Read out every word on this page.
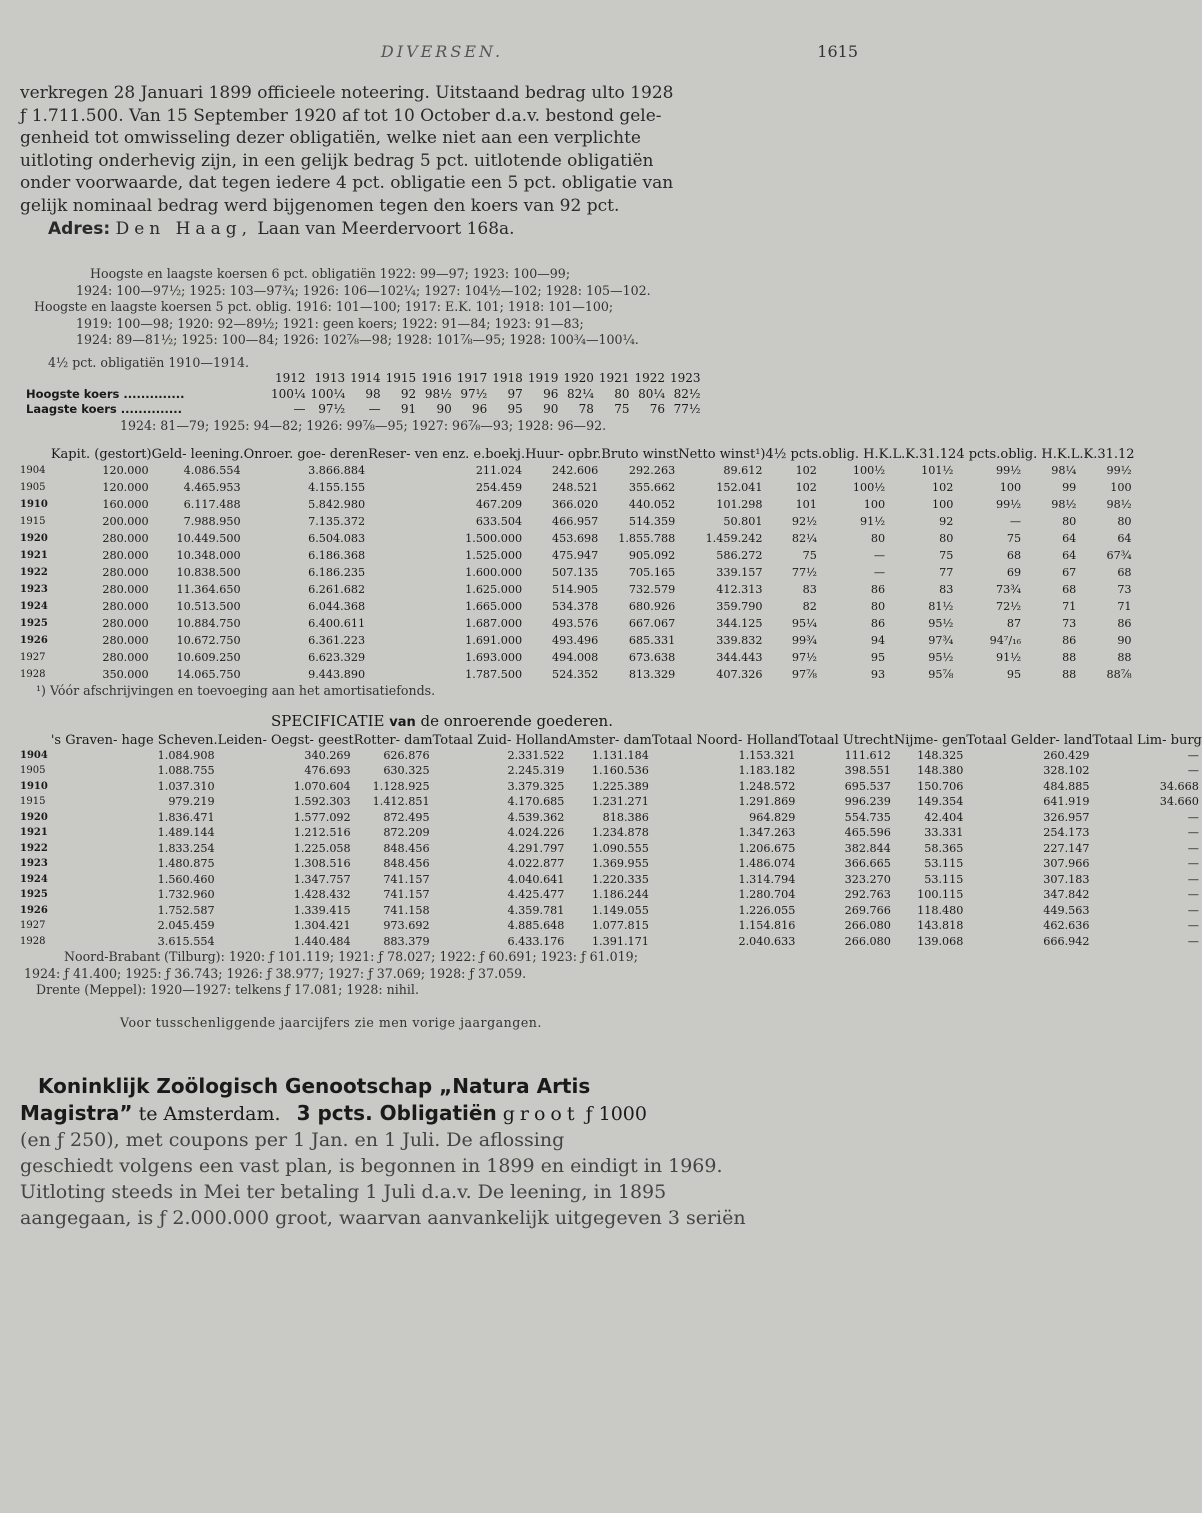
DIVERSEN.	1615

verkregen 28 Januari 1899 officieele noteering. Uitstaand bedrag ulto 1928

ƒ 1.711.500. Van 15 September 1920 af tot 10 October d.a.v. bestond gele-

genheid tot omwisseling dezer obligatiën, welke niet aan een verplichte

uitloting onderhevig zijn, in een gelijk bedrag 5 pct. uitlotende obligatiën

onder voorwaarde, dat tegen iedere 4 pct. obligatie een 5 pct. obligatie van

gelijk nominaal bedrag werd bijgenomen tegen den koers van 92 pct.

Adres: Den Haag, Laan van Meerdervoort 168a.

Hoogste en laagste koersen 6 pct. obligatiën 1922: 99—97; 1923: 100—99;
1924: 100—97½; 1925: 103—97¾; 1926: 106—102¼; 1927: 104½—102; 1928: 105—102.
Hoogste en laagste koersen 5 pct. oblig. 1916: 101—100; 1917: E.K. 101; 1918: 101—100;
1919: 100—98; 1920: 92—89½; 1921: geen koers; 1922: 91—84; 1923: 91—83;
1924: 89—81½; 1925: 100—84; 1926: 102⅞—98; 1928: 101⅞—95; 1928: 100¾—100¼.
4½ pct. obligatiën 1910—1914.
	1912	1913	1914	1915	1916	1917	1918	1919	1920	1921	1922	1923
Hoogste koers ..............	100¼	100¼	98	92	98½	97½	97	96	82¼	80	80¼	82½
Laagste koers ..............	—	97½	—	91	90	96	95	90	78	75	76	77½
1924: 81—79; 1925: 94—82; 1926: 99⅞—95; 1927: 96⅞—93; 1928: 96—92.
	Kapit. (gestort)	Geld- leening.	Onroer. goe- deren	Reser- ven enz. e.boekj.	Huur- opbr.	Bruto winst	Netto winst¹)	4½ pcts.oblig. H.K.L.K.31.12			4 pcts.oblig. H.K.L.K.31.12		
1904	120.000	4.086.554	3.866.884	211.024	242.606	292.263	89.612	102	100½	101½	99½	98¼	99½
1905	120.000	4.465.953	4.155.155	254.459	248.521	355.662	152.041	102	100½	102	100	99	100
1910	160.000	6.117.488	5.842.980	467.209	366.020	440.052	101.298	101	100	100	99½	98½	98½
1915	200.000	7.988.950	7.135.372	633.504	466.957	514.359	50.801	92½	91½	92	—	80	80
1920	280.000	10.449.500	6.504.083	1.500.000	453.698	1.855.788	1.459.242	82¼	80	80	75	64	64
1921	280.000	10.348.000	6.186.368	1.525.000	475.947	905.092	586.272	75	—	75	68	64	67¾
1922	280.000	10.838.500	6.186.235	1.600.000	507.135	705.165	339.157	77½	—	77	69	67	68
1923	280.000	11.364.650	6.261.682	1.625.000	514.905	732.579	412.313	83	86	83	73¾	68	73
1924	280.000	10.513.500	6.044.368	1.665.000	534.378	680.926	359.790	82	80	81½	72½	71	71
1925	280.000	10.884.750	6.400.611	1.687.000	493.576	667.067	344.125	95¼	86	95½	87	73	86
1926	280.000	10.672.750	6.361.223	1.691.000	493.496	685.331	339.832	99¾	94	97¾	94⁷/₁₆	86	90
1927	280.000	10.609.250	6.623.329	1.693.000	494.008	673.638	344.443	97½	95	95½	91½	88	88
1928	350.000	14.065.750	9.443.890	1.787.500	524.352	813.329	407.326	97⅞	93	95⅞	95	88	88⅞
¹) Vóór afschrijvingen en toevoeging aan het amortisatiefonds.
SPECIFICATIE van de onroerende goederen.
	's Graven- hage Scheven.	Leiden- Oegst- geest	Rotter- dam	Totaal Zuid- Holland	Amster- dam	Totaal Noord- Holland	Totaal Utrecht	Nijme- gen	Totaal Gelder- land	Totaal Lim- burg
1904	1.084.908	340.269	626.876	2.331.522	1.131.184	1.153.321	111.612	148.325	260.429	—
1905	1.088.755	476.693	630.325	2.245.319	1.160.536	1.183.182	398.551	148.380	328.102	—
1910	1.037.310	1.070.604	1.128.925	3.379.325	1.225.389	1.248.572	695.537	150.706	484.885	34.668
1915	979.219	1.592.303	1.412.851	4.170.685	1.231.271	1.291.869	996.239	149.354	641.919	34.660
1920	1.836.471	1.577.092	872.495	4.539.362	818.386	964.829	554.735	42.404	326.957	—
1921	1.489.144	1.212.516	872.209	4.024.226	1.234.878	1.347.263	465.596	33.331	254.173	—
1922	1.833.254	1.225.058	848.456	4.291.797	1.090.555	1.206.675	382.844	58.365	227.147	—
1923	1.480.875	1.308.516	848.456	4.022.877	1.369.955	1.486.074	366.665	53.115	307.966	—
1924	1.560.460	1.347.757	741.157	4.040.641	1.220.335	1.314.794	323.270	53.115	307.183	—
1925	1.732.960	1.428.432	741.157	4.425.477	1.186.244	1.280.704	292.763	100.115	347.842	—
1926	1.752.587	1.339.415	741.158	4.359.781	1.149.055	1.226.055	269.766	118.480	449.563	—
1927	2.045.459	1.304.421	973.692	4.885.648	1.077.815	1.154.816	266.080	143.818	462.636	—
1928	3.615.554	1.440.484	883.379	6.433.176	1.391.171	2.040.633	266.080	139.068	666.942	—
Noord-Brabant (Tilburg): 1920: ƒ 101.119; 1921: ƒ 78.027; 1922: ƒ 60.691; 1923: ƒ 61.019;
1924: ƒ 41.400; 1925: ƒ 36.743; 1926: ƒ 38.977; 1927: ƒ 37.069; 1928: ƒ 37.059.
Drente (Meppel): 1920—1927: telkens ƒ 17.081; 1928: nihil.
Voor tusschenliggende jaarcijfers zie men vorige jaargangen.
Koninklijk Zoölogisch Genootschap „Natura Artis
Magistra” te Amsterdam. 3 pcts. Obligatiën groot ƒ 1000
(en ƒ 250), met coupons per 1 Jan. en 1 Juli. De aflossing
geschiedt volgens een vast plan, is begonnen in 1899 en eindigt in 1969.
Uitloting steeds in Mei ter betaling 1 Juli d.a.v. De leening, in 1895
aangegaan, is ƒ 2.000.000 groot, waarvan aanvankelijk uitgegeven 3 seriën
